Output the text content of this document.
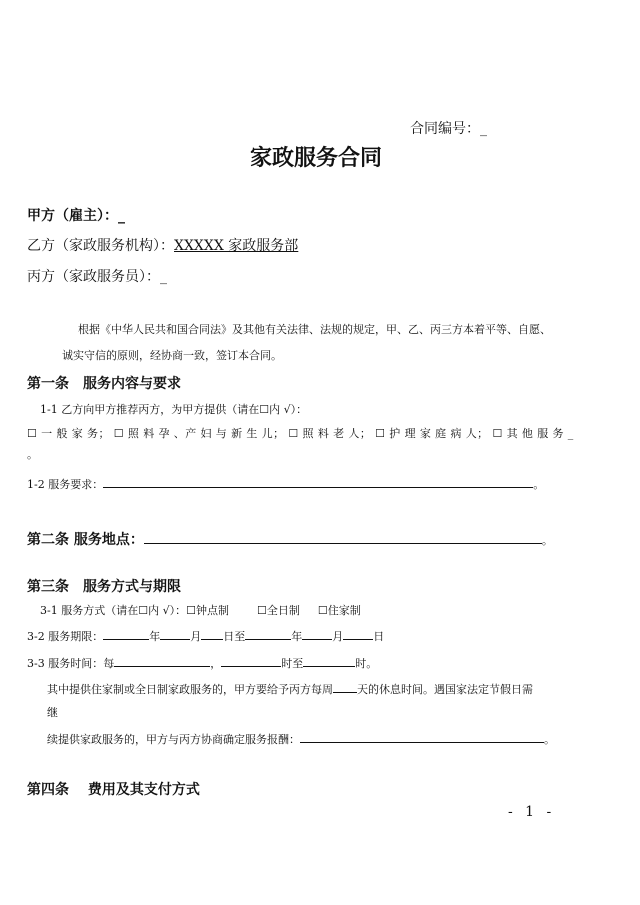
合同编号：_
家政服务合同
甲方（雇主）：_
乙方（家政服务机构）：XXXXX 家政服务部
丙方（家政服务员）：_
根据《中华人民共和国合同法》及其他有关法律、法规的规定，甲、乙、丙三方本着平等、自愿、
诚实守信的原则，经协商一致，签订本合同。
第一条　服务内容与要求
1-1 乙方向甲方推荐丙方，为甲方提供（请在☐内 √）：
☐ 一 般 家 务； ☐ 照 料 孕 、产 妇 与 新 生 儿； ☐ 照 料 老 人； ☐ 护 理 家 庭 病 人； ☐ 其 他 服 务 _
。
1-2 服务要求：	。
第二条 服务地点：	。
第三条　服务方式与期限
3-1 服务方式（请在☐内 √）：☐钟点制	☐全日制 ☐住家制
3-2 服务期限：	年	月 日至	年	月	日
3-3 服务时间：每	，	时至	时。
其中提供住家制或全日制家政服务的，甲方要给予丙方每周 天的休息时间。遇国家法定节假日需
继
续提供家政服务的，甲方与丙方协商确定服务报酬：	。
第四条　 费用及其支付方式
- 1 -
